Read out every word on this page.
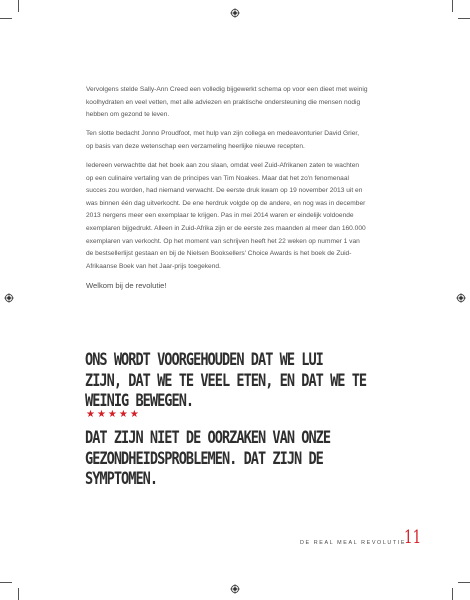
Vervolgens stelde Sally-Ann Creed een volledig bijgewerkt schema op voor een dieet met weinig koolhydraten en veel vetten, met alle adviezen en praktische ondersteuning die mensen nodig hebben om gezond te leven.

Ten slotte bedacht Jonno Proudfoot, met hulp van zijn collega en medeavonturier David Grier, op basis van deze wetenschap een verzameling heerlijke nieuwe recepten.

Iedereen verwachtte dat het boek aan zou slaan, omdat veel Zuid-Afrikanen zaten te wachten op een culinaire vertaling van de principes van Tim Noakes. Maar dat het zo'n fenomenaal succes zou worden, had niemand verwacht. De eerste druk kwam op 19 november 2013 uit en was binnen één dag uitverkocht. De ene herdruk volgde op de andere, en nog was in december 2013 nergens meer een exemplaar te krijgen. Pas in mei 2014 waren er eindelijk voldoende exemplaren bijgedrukt. Alleen in Zuid-Afrika zijn er de eerste zes maanden al meer dan 160.000 exemplaren van verkocht. Op het moment van schrijven heeft het 22 weken op nummer 1 van de bestsellerlijst gestaan en bij de Nielsen Booksellers' Choice Awards is het boek de Zuid-Afrikaanse Boek van het Jaar-prijs toegekend.

Welkom bij de revolutie!

ONS WORDT VOORGEHOUDEN DAT WE LUI
ZIJN, DAT WE TE VEEL ETEN, EN DAT WE TE
WEINIG BEWEGEN.
★★★★★
DAT ZIJN NIET DE OORZAKEN VAN ONZE
GEZONDHEIDSPROBLEMEN. DAT ZIJN DE
SYMPTOMEN.
DE REAL MEAL REVOLUTIE
11
